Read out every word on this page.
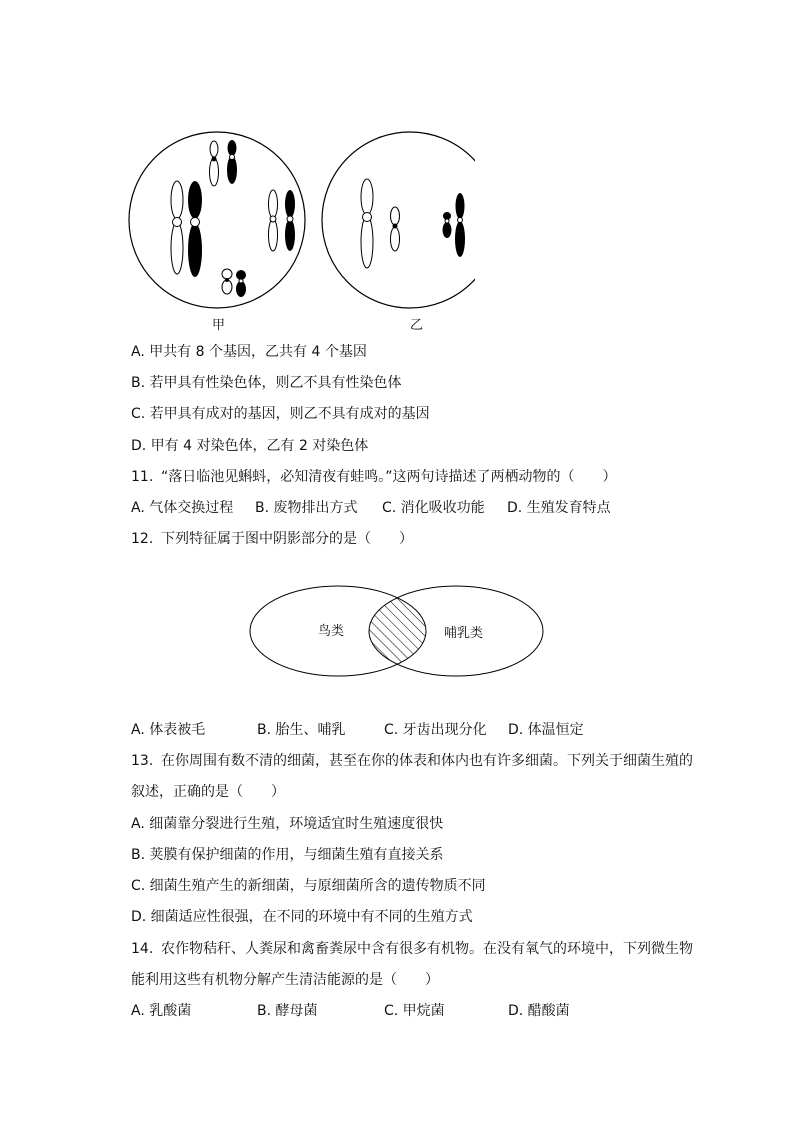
甲	乙
A. 甲共有 8 个基因，乙共有 4 个基因
B. 若甲具有性染色体，则乙不具有性染色体
C. 若甲具有成对的基因，则乙不具有成对的基因
D. 甲有 4 对染色体，乙有 2 对染色体
11. “落日临池见蝌蚪，必知清夜有蛙鸣。”这两句诗描述了两栖动物的（　　）
A. 气体交换过程 B. 废物排出方式 C. 消化吸收功能 D. 生殖发育特点
12. 下列特征属于图中阴影部分的是（　　）
鸟类	哺乳类
A. 体表被毛	B. 胎生、哺乳	C. 牙齿出现分化 D. 体温恒定
13. 在你周围有数不清的细菌，甚至在你的体表和体内也有许多细菌。下列关于细菌生殖的
叙述，正确的是（　　）
A. 细菌靠分裂进行生殖，环境适宜时生殖速度很快
B. 荚膜有保护细菌的作用，与细菌生殖有直接关系
C. 细菌生殖产生的新细菌，与原细菌所含的遗传物质不同
D. 细菌适应性很强，在不同的环境中有不同的生殖方式
14. 农作物秸秆、人粪尿和禽畜粪尿中含有很多有机物。在没有氧气的环境中，下列微生物
能利用这些有机物分解产生清洁能源的是（　　）
A. 乳酸菌	B. 酵母菌	C. 甲烷菌	D. 醋酸菌
